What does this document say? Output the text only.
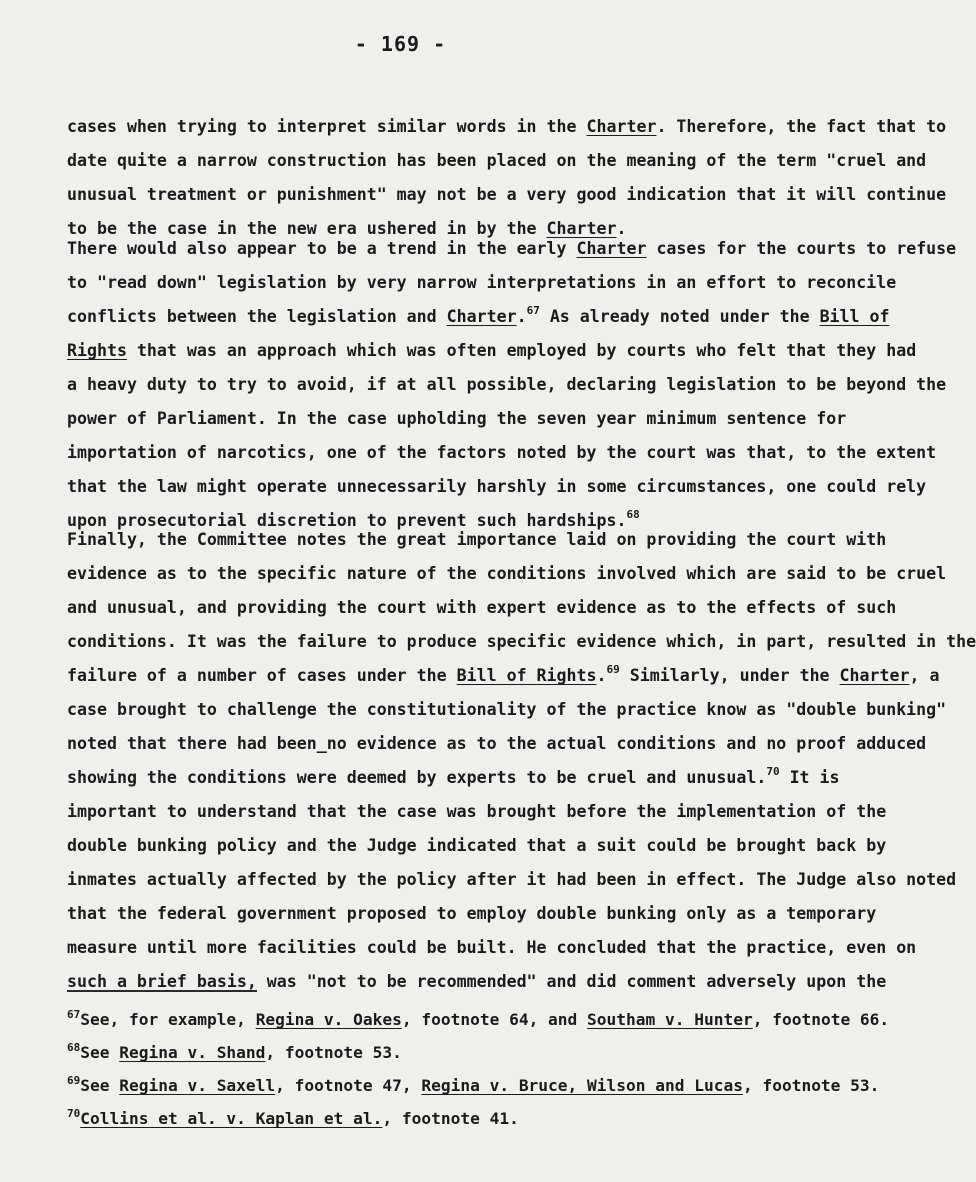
- 169 -
cases when trying to interpret similar words in the Charter. Therefore, the fact that to
date quite a narrow construction has been placed on the meaning of the term "cruel and
unusual treatment or punishment" may not be a very good indication that it will continue
to be the case in the new era ushered in by the Charter.
There would also appear to be a trend in the early Charter cases for the courts to refuse
to "read down" legislation by very narrow interpretations in an effort to reconcile
conflicts between the legislation and Charter.$^{67}$ As already noted under the Bill of
Rights that was an approach which was often employed by courts who felt that they had
a heavy duty to try to avoid, if at all possible, declaring legislation to be beyond the
power of Parliament. In the case upholding the seven year minimum sentence for
importation of narcotics, one of the factors noted by the court was that, to the extent
that the law might operate unnecessarily harshly in some circumstances, one could rely
upon prosecutorial discretion to prevent such hardships.$^{68}$
Finally, the Committee notes the great importance laid on providing the court with
evidence as to the specific nature of the conditions involved which are said to be cruel
and unusual, and providing the court with expert evidence as to the effects of such
conditions. It was the failure to produce specific evidence which, in part, resulted in the
failure of a number of cases under the Bill of Rights.$^{69}$ Similarly, under the Charter, a
case brought to challenge the constitutionality of the practice know as "double bunking"
noted that there had been_no evidence as to the actual conditions and no proof adduced
showing the conditions were deemed by experts to be cruel and unusual.$^{70}$ It is
important to understand that the case was brought before the implementation of the
double bunking policy and the Judge indicated that a suit could be brought back by
inmates actually affected by the policy after it had been in effect. The Judge also noted
that the federal government proposed to employ double bunking only as a temporary
measure until more facilities could be built. He concluded that the practice, even on
such a brief basis, was "not to be recommended" and did comment adversely upon the
$^{67}$See, for example, Regina v. Oakes, footnote 64, and Southam v. Hunter, footnote 66.
$^{68}$See Regina v. Shand, footnote 53.
$^{69}$See Regina v. Saxell, footnote 47, Regina v. Bruce, Wilson and Lucas, footnote 53.
$^{70}$Collins et al. v. Kaplan et al., footnote 41.
